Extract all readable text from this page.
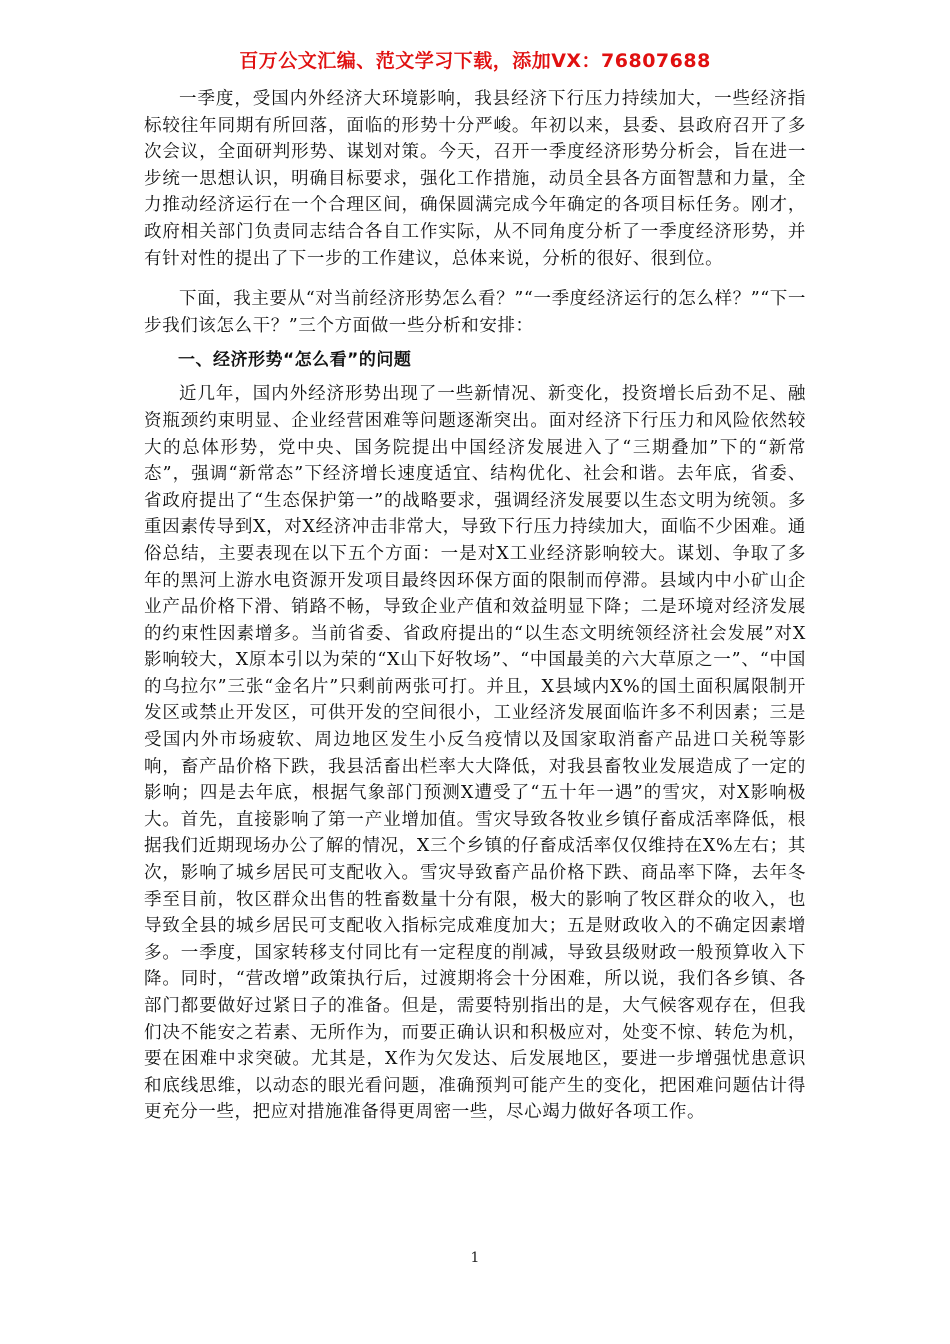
百万公文汇编、范文学习下载，添加VX：76807688

一季度，受国内外经济大环境影响，我县经济下行压力持续加大，一些经济指标较往年同期有所回落，面临的形势十分严峻。年初以来，县委、县政府召开了多次会议，全面研判形势、谋划对策。今天，召开一季度经济形势分析会，旨在进一步统一思想认识，明确目标要求，强化工作措施，动员全县各方面智慧和力量，全力推动经济运行在一个合理区间，确保圆满完成今年确定的各项目标任务。刚才，政府相关部门负责同志结合各自工作实际，从不同角度分析了一季度经济形势，并有针对性的提出了下一步的工作建议，总体来说，分析的很好、很到位。

下面，我主要从“对当前经济形势怎么看？”“一季度经济运行的怎么样？”“下一步我们该怎么干？”三个方面做一些分析和安排：

一、经济形势“怎么看”的问题

近几年，国内外经济形势出现了一些新情况、新变化，投资增长后劲不足、融资瓶颈约束明显、企业经营困难等问题逐渐突出。面对经济下行压力和风险依然较大的总体形势，党中央、国务院提出中国经济发展进入了“三期叠加”下的“新常态”，强调“新常态”下经济增长速度适宜、结构优化、社会和谐。去年底，省委、省政府提出了“生态保护第一”的战略要求，强调经济发展要以生态文明为统领。多重因素传导到X，对X经济冲击非常大，导致下行压力持续加大，面临不少困难。通俗总结，主要表现在以下五个方面：一是对X工业经济影响较大。谋划、争取了多年的黑河上游水电资源开发项目最终因环保方面的限制而停滞。县域内中小矿山企业产品价格下滑、销路不畅，导致企业产值和效益明显下降；二是环境对经济发展的约束性因素增多。当前省委、省政府提出的“以生态文明统领经济社会发展”对X影响较大，X原本引以为荣的“X山下好牧场”、“中国最美的六大草原之一”、“中国的乌拉尔”三张“金名片”只剩前两张可打。并且，X县域内X%的国土面积属限制开发区或禁止开发区，可供开发的空间很小，工业经济发展面临许多不利因素；三是受国内外市场疲软、周边地区发生小反刍疫情以及国家取消畜产品进口关税等影响，畜产品价格下跌，我县活畜出栏率大大降低，对我县畜牧业发展造成了一定的影响；四是去年底，根据气象部门预测X遭受了“五十年一遇”的雪灾，对X影响极大。首先，直接影响了第一产业增加值。雪灾导致各牧业乡镇仔畜成活率降低，根据我们近期现场办公了解的情况，X三个乡镇的仔畜成活率仅仅维持在X%左右；其次，影响了城乡居民可支配收入。雪灾导致畜产品价格下跌、商品率下降，去年冬季至目前，牧区群众出售的牲畜数量十分有限，极大的影响了牧区群众的收入，也导致全县的城乡居民可支配收入指标完成难度加大；五是财政收入的不确定因素增多。一季度，国家转移支付同比有一定程度的削减，导致县级财政一般预算收入下降。同时，“营改增”政策执行后，过渡期将会十分困难，所以说，我们各乡镇、各部门都要做好过紧日子的准备。但是，需要特别指出的是，大气候客观存在，但我们决不能安之若素、无所作为，而要正确认识和积极应对，处变不惊、转危为机，要在困难中求突破。尤其是，X作为欠发达、后发展地区，要进一步增强忧患意识和底线思维，以动态的眼光看问题，准确预判可能产生的变化，把困难问题估计得更充分一些，把应对措施准备得更周密一些，尽心竭力做好各项工作。

1
